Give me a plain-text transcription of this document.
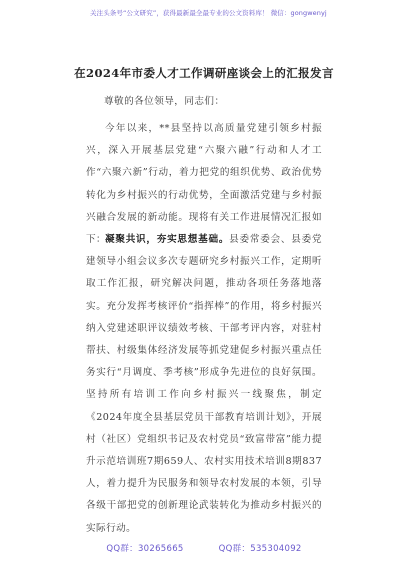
关注头条号“公文研究”，获得最新最全最专业的公文资料库！ 微信：gongwenyj
在2024年市委人才工作调研座谈会上的汇报发言
尊敬的各位领导，同志们：
今年以来，**县坚持以高质量党建引领乡村振兴，深入开展基层党建“六聚六融”行动和人才工作“六聚六新”行动，着力把党的组织优势、政治优势转化为乡村振兴的行动优势，全面激活党建与乡村振兴融合发展的新动能。现将有关工作进展情况汇报如下：
凝聚共识，夯实思想基础。县委常委会、县委党建领导小组会议多次专题研究乡村振兴工作，定期听取工作汇报，研究解决问题，推动各项任务落地落实。充分发挥考核评价“指挥棒”的作用，将乡村振兴纳入党建述职评议绩效考核、干部考评内容，对驻村帮扶、村级集体经济发展等抓党建促乡村振兴重点任务实行“月调度、季考核”形成争先进位的良好氛围。坚持所有培训工作向乡村振兴一线聚焦，制定《2024年度全县基层党员干部教育培训计划》，开展村（社区）党组织书记及农村党员“致富带富”能力提升示范培训班7期659人、农村实用技术培训8期837人，着力提升为民服务和领导农村发展的本领，引导各级干部把党的创新理论武装转化为推动乡村振兴的实际行动。
QQ群：30265665	QQ群：535304092
